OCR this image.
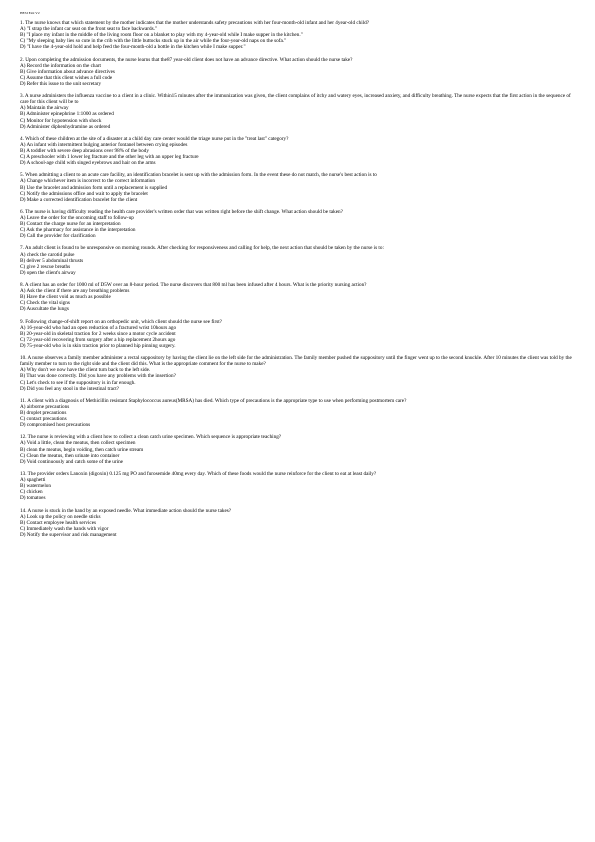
HESI Exit V2

1. The nurse knows that which statement by the mother indicates that the mother understands safety precautions with her four-month-old infant and her 4year-old child?

A) "I strap the infant car seat on the front seat to face backwards."

B) "I place my infant in the middle of the living room floor on a blanket to play with my 4-year-old while I make supper in the kitchen."

C) "My sleeping baby lies so cute in the crib with the little buttocks stuck up in the air while the four-year-old naps on the sofa."

D) "I have the 4-year-old hold and help feed the four-month-old a bottle in the kitchen while I make supper."

2. Upon completing the admission documents, the nurse learns that the87 year-old client does not have an advance directive. What action should the nurse take?

A) Record the information on the chart

B) Give information about advance directives

C) Assume that this client wishes a full code

D) Refer this issue to the unit secretary

3. A nurse administers the influenza vaccine to a client in a clinic. Within15 minutes after the immunization was given, the client complains of itchy and watery eyes, increased anxiety, and difficulty breathing. The nurse expects that the first action in the sequence of care for this client will be to

A) Maintain the airway

B) Administer epinephrine 1:1000 as ordered

C) Monitor for hypotension with shock

D) Administer diphenhydramine as ordered

4. Which of these children at the site of a disaster at a child day care center would the triage nurse put in the "treat last" category?

A) An infant with intermittent bulging anterior fontanel between crying episodes

B) A toddler with severe deep abrasions over 98% of the body

C) A preschooler with 1 lower leg fracture and the other leg with an upper leg fracture

D) A school-age child with singed eyebrows and hair on the arms

5. When admitting a client to an acute care facility, an identification bracelet is sent up with the admission form. In the event these do not match, the nurse's best action is to

A) Change whichever item is incorrect to the correct information

B) Use the bracelet and admission form until a replacement is supplied

C) Notify the admissions office and wait to apply the bracelet

D) Make a corrected identification bracelet for the client

6. The nurse is having difficulty reading the health care provider's written order that was written right before the shift change. What action should be taken?

A) Leave the order for the oncoming staff to follow-up

B) Contact the charge nurse for an interpretation

C) Ask the pharmacy for assistance in the interpretation

D) Call the provider for clarification

7. An adult client is found to be unresponsive on morning rounds. After checking for responsiveness and calling for help, the next action that should be taken by the nurse is to:

A) check the carotid pulse

B) deliver 5 abdominal thrusts

C) give 2 rescue breaths

D) open the client's airway

8. A client has an order for 1000 ml of D5W over an 8-hour period. The nurse discovers that 800 ml has been infused after 4 hours. What is the priority nursing action?

A) Ask the client if there are any breathing problems

B) Have the client void as much as possible

C) Check the vital signs

D) Auscultate the lungs

9. Following change-of-shift report on an orthopedic unit, which client should the nurse see first?

A) 16-year-old who had an open reduction of a fractured wrist 10hours ago

B) 20-year-old in skeletal traction for 2 weeks since a motor cycle accident

C) 72-year-old recovering from surgery after a hip replacement 2hours ago

D) 75-year-old who is in skin traction prior to planned hip pinning surgery.

10. A nurse observes a family member administer a rectal suppository by having the client lie on the left side for the administration. The family member pushed the suppository until the finger went up to the second knuckle. After 10 minutes the client was told by the family member to turn to the right side and the client did this. What is the appropriate comment for the nurse to make?

A) Why don't we now have the client turn back to the left side.

B) That was done correctly. Did you have any problems with the insertion?

C) Let's check to see if the suppository is in far enough.

D) Did you feel any stool in the intestinal tract?

11. A client with a diagnosis of Methicillin resistant Staphylococcus aureus(MRSA) has died. Which type of precautions is the appropriate type to use when performing postmortem care?

A) airborne precautions

B) droplet precautions

C) contact precautions

D) compromised host precautions

12. The nurse is reviewing with a client how to collect a clean catch urine specimen. Which sequence is appropriate teaching?

A) Void a little, clean the meatus, then collect specimen

B) clean the meatus, begin voiding, then catch urine stream

C) Clean the meatus, then urinate into container

D) Void continuously and catch some of the urine

13. The provider orders Lanoxin (digoxin) 0.125 mg PO and furosemide 40mg every day. Which of these foods would the nurse reinforce for the client to eat at least daily?

A) spaghetti

B) watermelon

C) chicken

D) tomatoes

14. A nurse is stuck in the hand by an exposed needle. What immediate action should the nurse takes?

A) Look up the policy on needle sticks

B) Contact employee health services

C) Immediately wash the hands with vigor

D) Notify the supervisor and risk management
